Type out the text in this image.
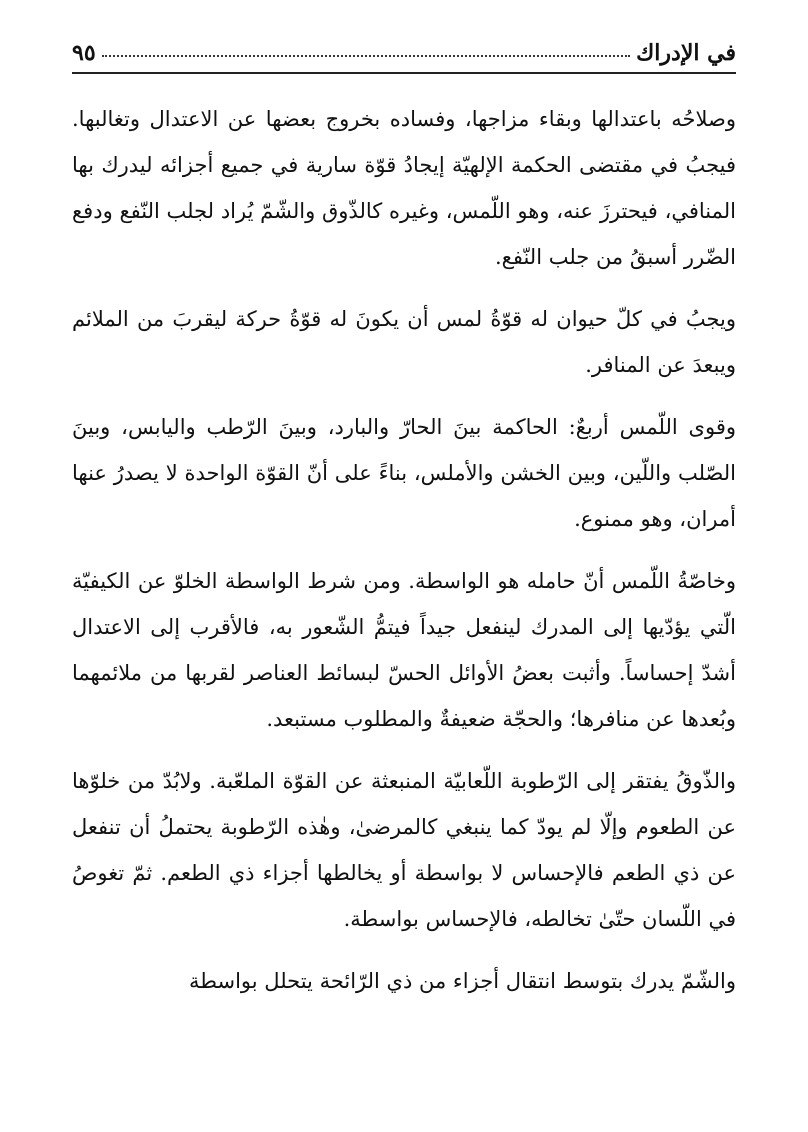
في الإدراك
٩٥

وصلاحُه باعتدالها وبقاء مزاجها، وفساده بخروج بعضها عن الاعتدال وتغالبها. فيجبُ في مقتضى الحكمة الإلهيّة إيجادُ قوّة سارية في جميع أجزائه ليدرك بها المنافي، فيحترزَ عنه، وهو اللّمس، وغيره كالذّوق والشّمّ يُراد لجلب النّفع ودفع الضّرر أسبقُ من جلب النّفع.

ويجبُ في كلّ حيوان له قوّةُ لمس أن يكونَ له قوّةُ حركة ليقربَ من الملائم ويبعدَ عن المنافر.

وقوى اللّمس أربعٌ: الحاكمة بينَ الحارّ والبارد، وبينَ الرّطب واليابس، وبينَ الصّلب واللّين، وبين الخشن والأملس، بناءً على أنّ القوّة الواحدة لا يصدرُ عنها أمران، وهو ممنوع.

وخاصّةُ اللّمس أنّ حامله هو الواسطة. ومن شرط الواسطة الخلوّ عن الكيفيّة الّتي يؤدّيها إلى المدرك لينفعل جيداً فيتمُّ الشّعور به، فالأقرب إلى الاعتدال أشدّ إحساساً. وأثبت بعضُ الأوائل الحسّ لبسائط العناصر لقربها من ملائمهما وبُعدها عن منافرها؛ والحجّة ضعيفةٌ والمطلوب مستبعد.

والذّوقُ يفتقر إلى الرّطوبة اللّعابيّة المنبعثة عن القوّة الملعّبة. ولابُدّ من خلوّها عن الطعوم وإلّا لم يودّ كما ينبغي كالمرضىٰ، وهٰذه الرّطوبة يحتملُ أن تنفعل عن ذي الطعم فالإحساس لا بواسطة أو يخالطها أجزاء ذي الطعم. ثمّ تغوصُ في اللّسان حتّىٰ تخالطه، فالإحساس بواسطة.

والشّمّ يدرك بتوسط انتقال أجزاء من ذي الرّائحة يتحلل بواسطة
